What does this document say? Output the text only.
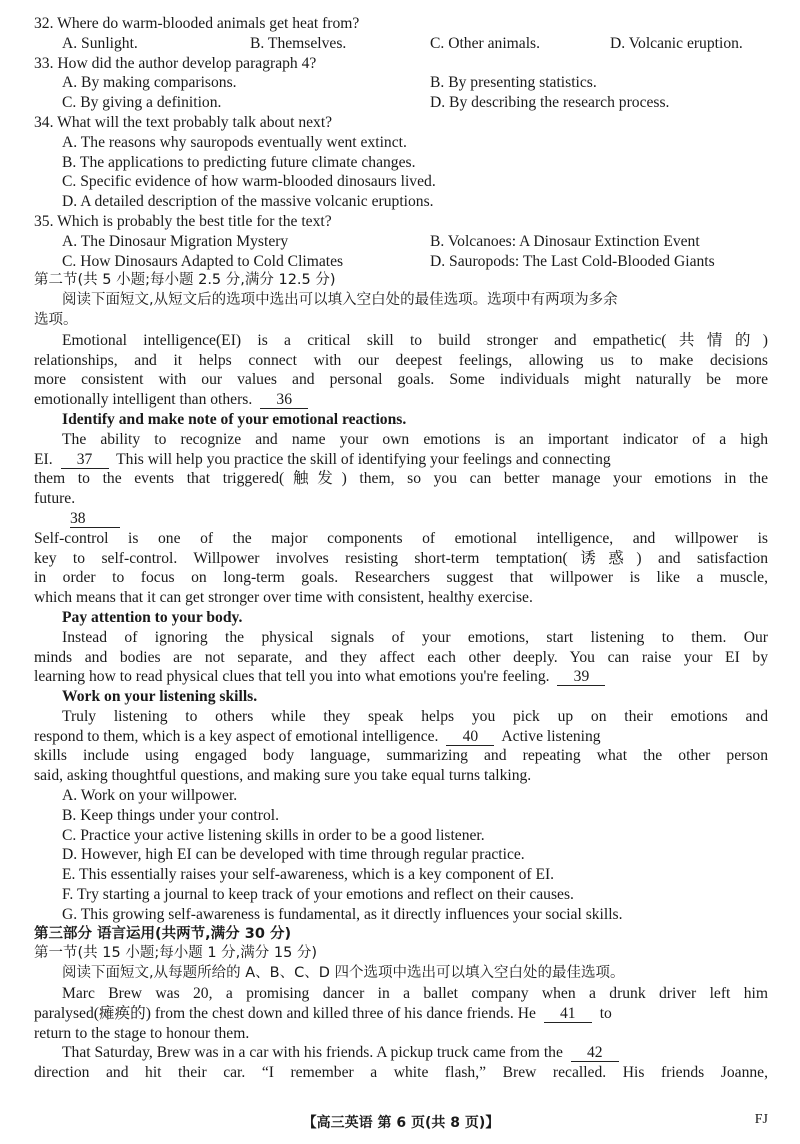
32. Where do warm-blooded animals get heat from?
A. Sunlight.	B. Themselves.	C. Other animals.	D. Volcanic eruption.
33. How did the author develop paragraph 4?
A. By making comparisons.	B. By presenting statistics.
C. By giving a definition.	D. By describing the research process.
34. What will the text probably talk about next?
A. The reasons why sauropods eventually went extinct.
B. The applications to predicting future climate changes.
C. Specific evidence of how warm-blooded dinosaurs lived.
D. A detailed description of the massive volcanic eruptions.
35. Which is probably the best title for the text?
A. The Dinosaur Migration Mystery	B. Volcanoes: A Dinosaur Extinction Event
C. How Dinosaurs Adapted to Cold Climates	D. Sauropods: The Last Cold-Blooded Giants
第二节(共 5 小题;每小题 2.5 分,满分 12.5 分)
阅读下面短文,从短文后的选项中选出可以填入空白处的最佳选项。选项中有两项为多余
选项。
Emotional intelligence(EI) is a critical skill to build stronger and empathetic(共情的)
relationships, and it helps connect with our deepest feelings, allowing us to make decisions
more consistent with our values and personal goals. Some individuals might naturally be more
emotionally intelligent than others. 36
Identify and make note of your emotional reactions.
The ability to recognize and name your own emotions is an important indicator of a high
EI. 37 This will help you practice the skill of identifying your feelings and connecting
them to the events that triggered(触发) them, so you can better manage your emotions in the
future.
38
Self-control is one of the major components of emotional intelligence, and willpower is
key to self-control. Willpower involves resisting short-term temptation(诱惑) and satisfaction
in order to focus on long-term goals. Researchers suggest that willpower is like a muscle,
which means that it can get stronger over time with consistent, healthy exercise.
Pay attention to your body.
Instead of ignoring the physical signals of your emotions, start listening to them. Our
minds and bodies are not separate, and they affect each other deeply. You can raise your EI by
learning how to read physical clues that tell you into what emotions you're feeling. 39
Work on your listening skills.
Truly listening to others while they speak helps you pick up on their emotions and
respond to them, which is a key aspect of emotional intelligence. 40 Active listening
skills include using engaged body language, summarizing and repeating what the other person
said, asking thoughtful questions, and making sure you take equal turns talking.
A. Work on your willpower.
B. Keep things under your control.
C. Practice your active listening skills in order to be a good listener.
D. However, high EI can be developed with time through regular practice.
E. This essentially raises your self-awareness, which is a key component of EI.
F. Try starting a journal to keep track of your emotions and reflect on their causes.
G. This growing self-awareness is fundamental, as it directly influences your social skills.
第三部分 语言运用(共两节,满分 30 分)
第一节(共 15 小题;每小题 1 分,满分 15 分)
阅读下面短文,从每题所给的 A、B、C、D 四个选项中选出可以填入空白处的最佳选项。
Marc Brew was 20, a promising dancer in a ballet company when a drunk driver left him
paralysed(瘫痪的) from the chest down and killed three of his dance friends. He 41 to
return to the stage to honour them.
That Saturday, Brew was in a car with his friends. A pickup truck came from the 42
direction and hit their car. “I remember a white flash,” Brew recalled. His friends Joanne,
【高三英语 第 6 页(共 8 页)】	FJ
